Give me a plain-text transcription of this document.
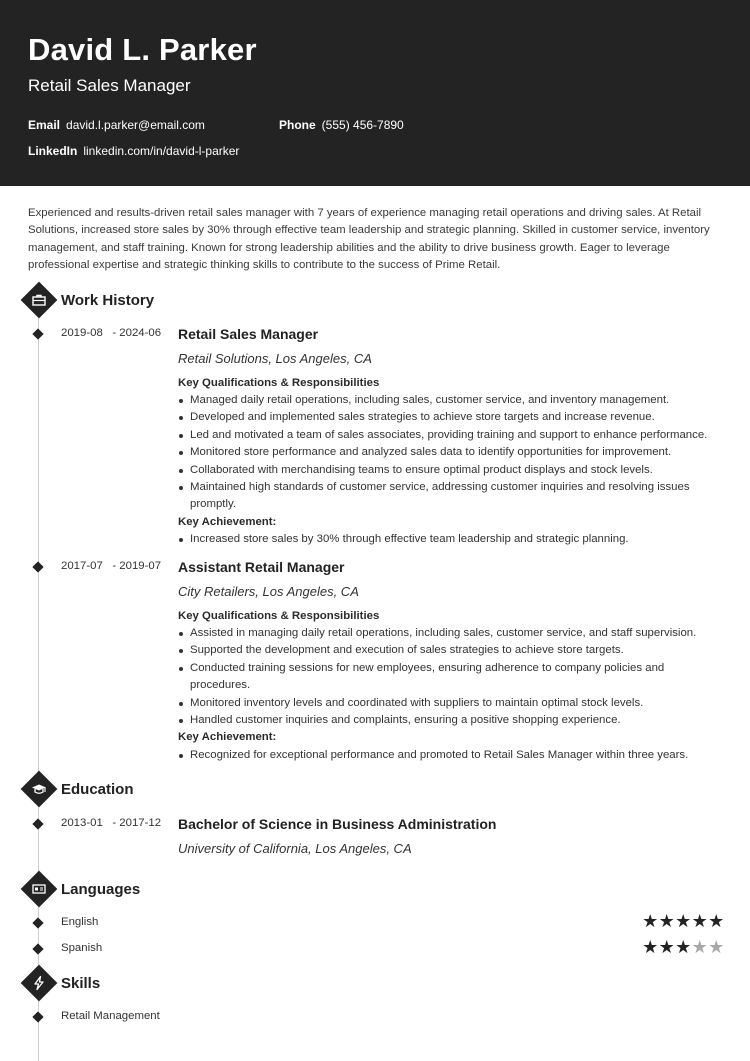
David L. Parker
Retail Sales Manager
Email david.l.parker@email.com	Phone (555) 456-7890
LinkedIn linkedin.com/in/david-l-parker
Experienced and results-driven retail sales manager with 7 years of experience managing retail operations and driving sales. At Retail Solutions, increased store sales by 30% through effective team leadership and strategic planning. Skilled in customer service, inventory management, and staff training. Known for strong leadership abilities and the ability to drive business growth. Eager to leverage professional expertise and strategic thinking skills to contribute to the success of Prime Retail.
Work History
2019-08 - 2024-06 Retail Sales Manager
Retail Solutions, Los Angeles, CA
Key Qualifications & Responsibilities
Managed daily retail operations, including sales, customer service, and inventory management.
Developed and implemented sales strategies to achieve store targets and increase revenue.
Led and motivated a team of sales associates, providing training and support to enhance performance.
Monitored store performance and analyzed sales data to identify opportunities for improvement.
Collaborated with merchandising teams to ensure optimal product displays and stock levels.
Maintained high standards of customer service, addressing customer inquiries and resolving issues promptly.
Key Achievement:
Increased store sales by 30% through effective team leadership and strategic planning.
2017-07 - 2019-07 Assistant Retail Manager
City Retailers, Los Angeles, CA
Key Qualifications & Responsibilities
Assisted in managing daily retail operations, including sales, customer service, and staff supervision.
Supported the development and execution of sales strategies to achieve store targets.
Conducted training sessions for new employees, ensuring adherence to company policies and procedures.
Monitored inventory levels and coordinated with suppliers to maintain optimal stock levels.
Handled customer inquiries and complaints, ensuring a positive shopping experience.
Key Achievement:
Recognized for exceptional performance and promoted to Retail Sales Manager within three years.
Education
2013-01 - 2017-12 Bachelor of Science in Business Administration
University of California, Los Angeles, CA
Languages
English	★★★★★
Spanish	★★★★★
Skills
Retail Management
